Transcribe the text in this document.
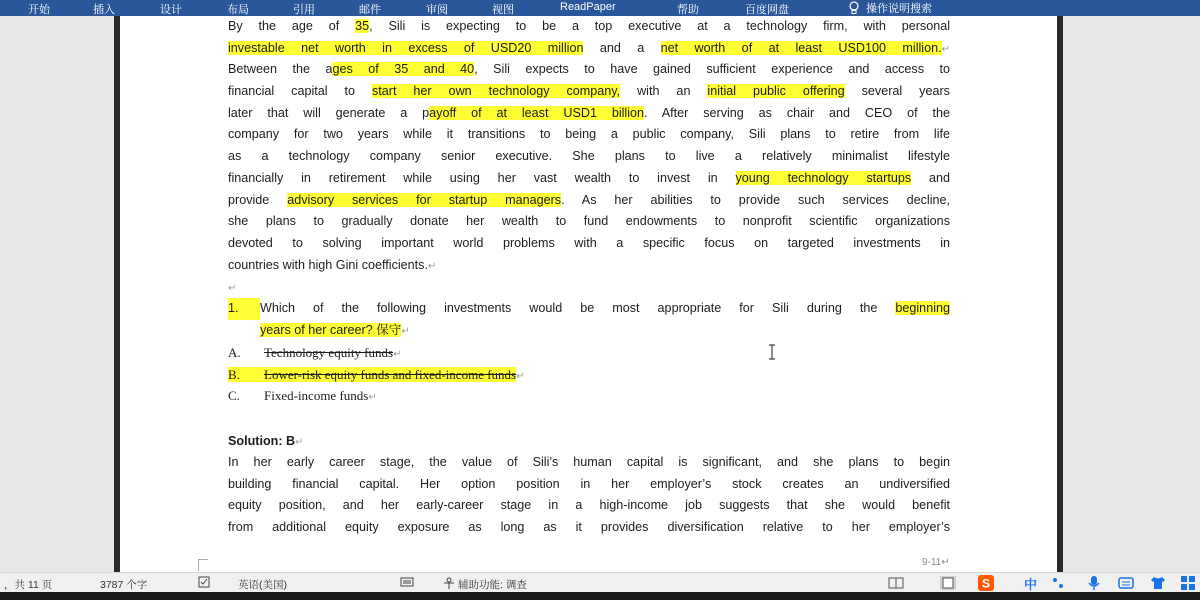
开始	插入	设计	布局	引用	邮件	审阅	视图	ReadPaper	帮助	百度网盘	操作说明搜索
By the age of 35, Sili is expecting to be a top executive at a technology firm, with personal
investable net worth in excess of USD20 million and a net worth of at least USD100 million.↵
Between the ages of 35 and 40, Sili expects to have gained sufficient experience and access to
financial capital to start her own technology company, with an initial public offering several years
later that will generate a payoff of at least USD1 billion. After serving as chair and CEO of the
company for two years while it transitions to being a public company, Sili plans to retire from life
as a technology company senior executive. She plans to live a relatively minimalist lifestyle
financially in retirement while using her vast wealth to invest in young technology startups and
provide advisory services for startup managers. As her abilities to provide such services decline,
she plans to gradually donate her wealth to fund endowments to nonprofit scientific organizations
devoted to solving important world problems with a specific focus on targeted investments in
countries with high Gini coefficients.↵
↵
1. Which of the following investments would be most appropriate for Sili during the beginning
years of her career? 保守↵
A. Technology equity funds↵
B. Lower-risk equity funds and fixed-income funds↵
C. Fixed-income funds↵
Solution: B↵
In her early career stage, the value of Sili’s human capital is significant, and she plans to begin
building financial capital. Her option position in her employer’s stock creates an undiversified
equity position, and her early-career stage in a high-income job suggests that she would benefit
from additional equity exposure as long as it provides diversification relative to her employer’s
9-11↵
，共 11 页	3787 个字	英语(美国)	辅助功能: 调查	S	中
